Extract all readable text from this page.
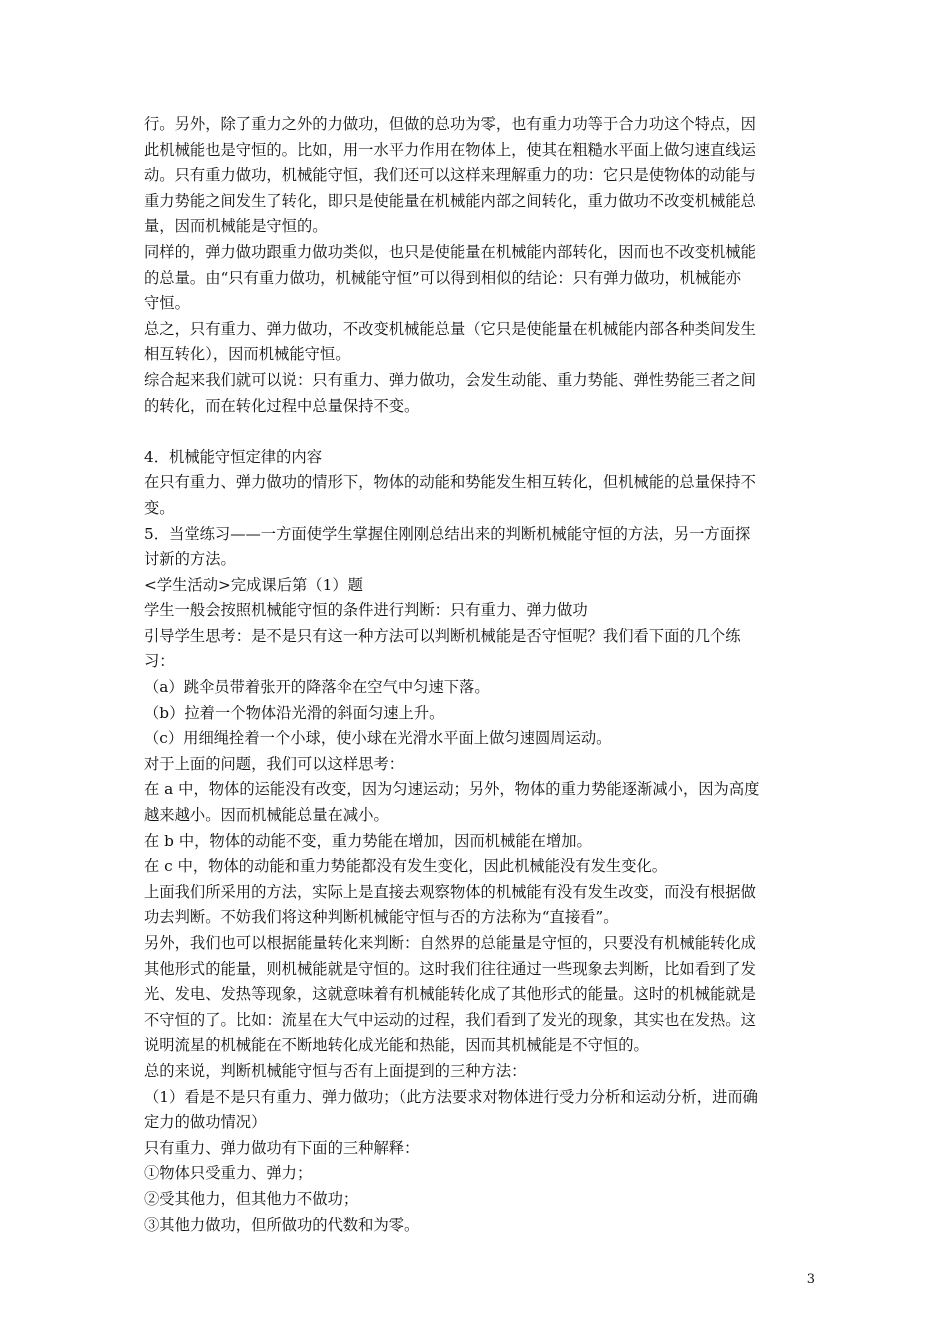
行。另外，除了重力之外的力做功，但做的总功为零，也有重力功等于合力功这个特点，因
此机械能也是守恒的。比如，用一水平力作用在物体上，使其在粗糙水平面上做匀速直线运
动。只有重力做功，机械能守恒，我们还可以这样来理解重力的功：它只是使物体的动能与
重力势能之间发生了转化，即只是使能量在机械能内部之间转化，重力做功不改变机械能总
量，因而机械能是守恒的。
同样的，弹力做功跟重力做功类似，也只是使能量在机械能内部转化，因而也不改变机械能
的总量。由“只有重力做功，机械能守恒”可以得到相似的结论：只有弹力做功，机械能亦
守恒。
总之，只有重力、弹力做功，不改变机械能总量（它只是使能量在机械能内部各种类间发生
相互转化），因而机械能守恒。
综合起来我们就可以说：只有重力、弹力做功，会发生动能、重力势能、弹性势能三者之间
的转化，而在转化过程中总量保持不变。
4．机械能守恒定律的内容
在只有重力、弹力做功的情形下，物体的动能和势能发生相互转化，但机械能的总量保持不
变。
5．当堂练习——一方面使学生掌握住刚刚总结出来的判断机械能守恒的方法，另一方面探
讨新的方法。
<学生活动>完成课后第（1）题
学生一般会按照机械能守恒的条件进行判断：只有重力、弹力做功
引导学生思考：是不是只有这一种方法可以判断机械能是否守恒呢？我们看下面的几个练
习：
（a）跳伞员带着张开的降落伞在空气中匀速下落。
（b）拉着一个物体沿光滑的斜面匀速上升。
（c）用细绳拴着一个小球，使小球在光滑水平面上做匀速圆周运动。
对于上面的问题，我们可以这样思考：
在 a 中，物体的运能没有改变，因为匀速运动；另外，物体的重力势能逐渐减小，因为高度
越来越小。因而机械能总量在减小。
在 b 中，物体的动能不变，重力势能在增加，因而机械能在增加。
在 c 中，物体的动能和重力势能都没有发生变化，因此机械能没有发生变化。
上面我们所采用的方法，实际上是直接去观察物体的机械能有没有发生改变，而没有根据做
功去判断。不妨我们将这种判断机械能守恒与否的方法称为“直接看”。
另外，我们也可以根据能量转化来判断：自然界的总能量是守恒的，只要没有机械能转化成
其他形式的能量，则机械能就是守恒的。这时我们往往通过一些现象去判断，比如看到了发
光、发电、发热等现象，这就意味着有机械能转化成了其他形式的能量。这时的机械能就是
不守恒的了。比如：流星在大气中运动的过程，我们看到了发光的现象，其实也在发热。这
说明流星的机械能在不断地转化成光能和热能，因而其机械能是不守恒的。
总的来说，判断机械能守恒与否有上面提到的三种方法：
（1）看是不是只有重力、弹力做功；（此方法要求对物体进行受力分析和运动分析，进而确
定力的做功情况）
只有重力、弹力做功有下面的三种解释：
①物体只受重力、弹力；
②受其他力，但其他力不做功；
③其他力做功，但所做功的代数和为零。
3
